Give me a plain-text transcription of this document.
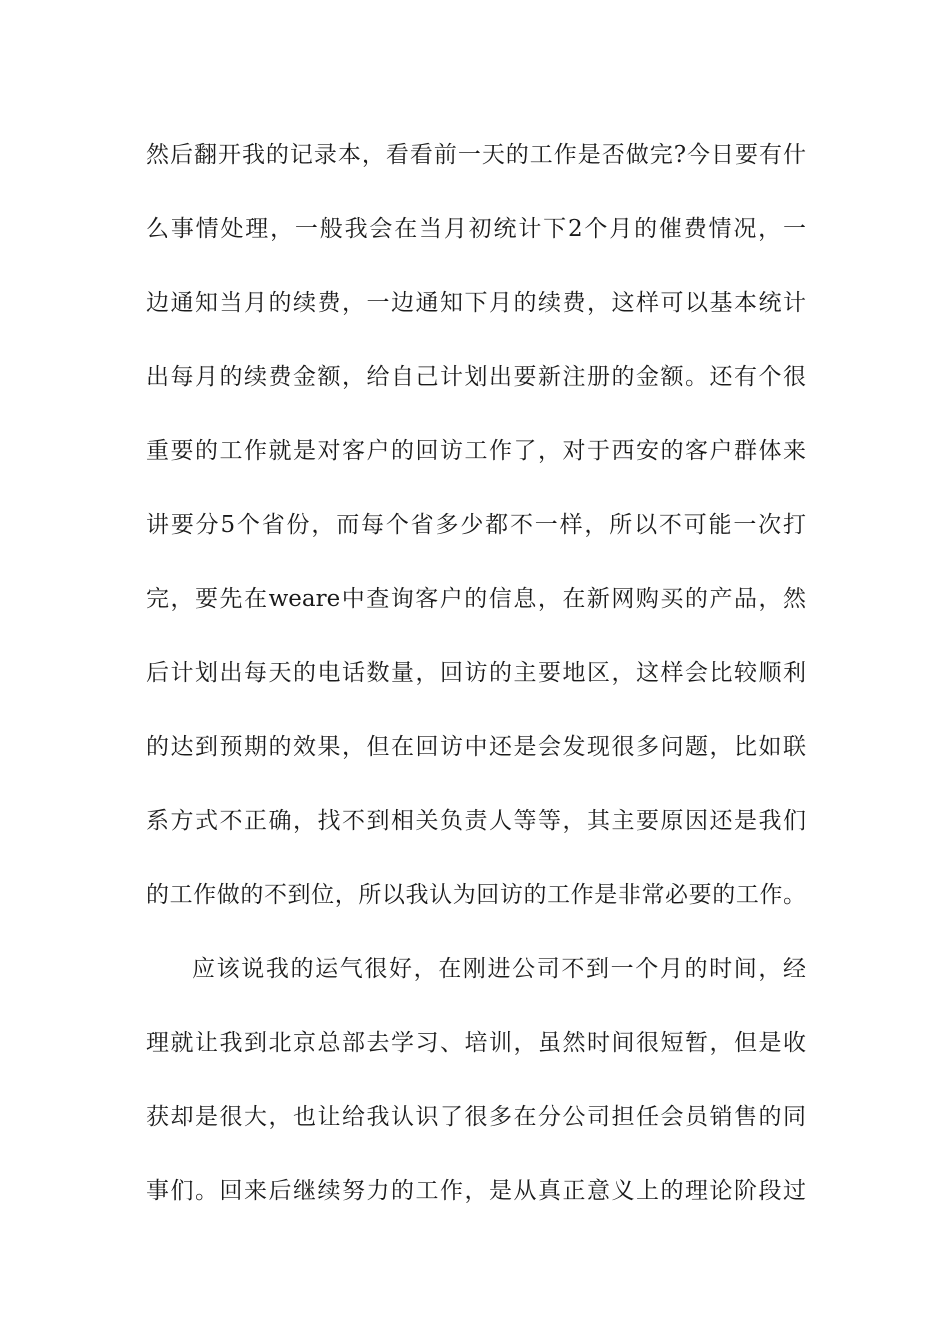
然后翻开我的记录本，看看前一天的工作是否做完?今日要有什
么事情处理，一般我会在当月初统计下2个月的催费情况，一
边通知当月的续费，一边通知下月的续费，这样可以基本统计
出每月的续费金额，给自己计划出要新注册的金额。还有个很
重要的工作就是对客户的回访工作了，对于西安的客户群体来
讲要分5个省份，而每个省多少都不一样，所以不可能一次打
完，要先在weare中查询客户的信息，在新网购买的产品，然
后计划出每天的电话数量，回访的主要地区，这样会比较顺利
的达到预期的效果，但在回访中还是会发现很多问题，比如联
系方式不正确，找不到相关负责人等等，其主要原因还是我们
的工作做的不到位，所以我认为回访的工作是非常必要的工作。
应该说我的运气很好，在刚进公司不到一个月的时间，经
理就让我到北京总部去学习、培训，虽然时间很短暂，但是收
获却是很大，也让给我认识了很多在分公司担任会员销售的同
事们。回来后继续努力的工作，是从真正意义上的理论阶段过
